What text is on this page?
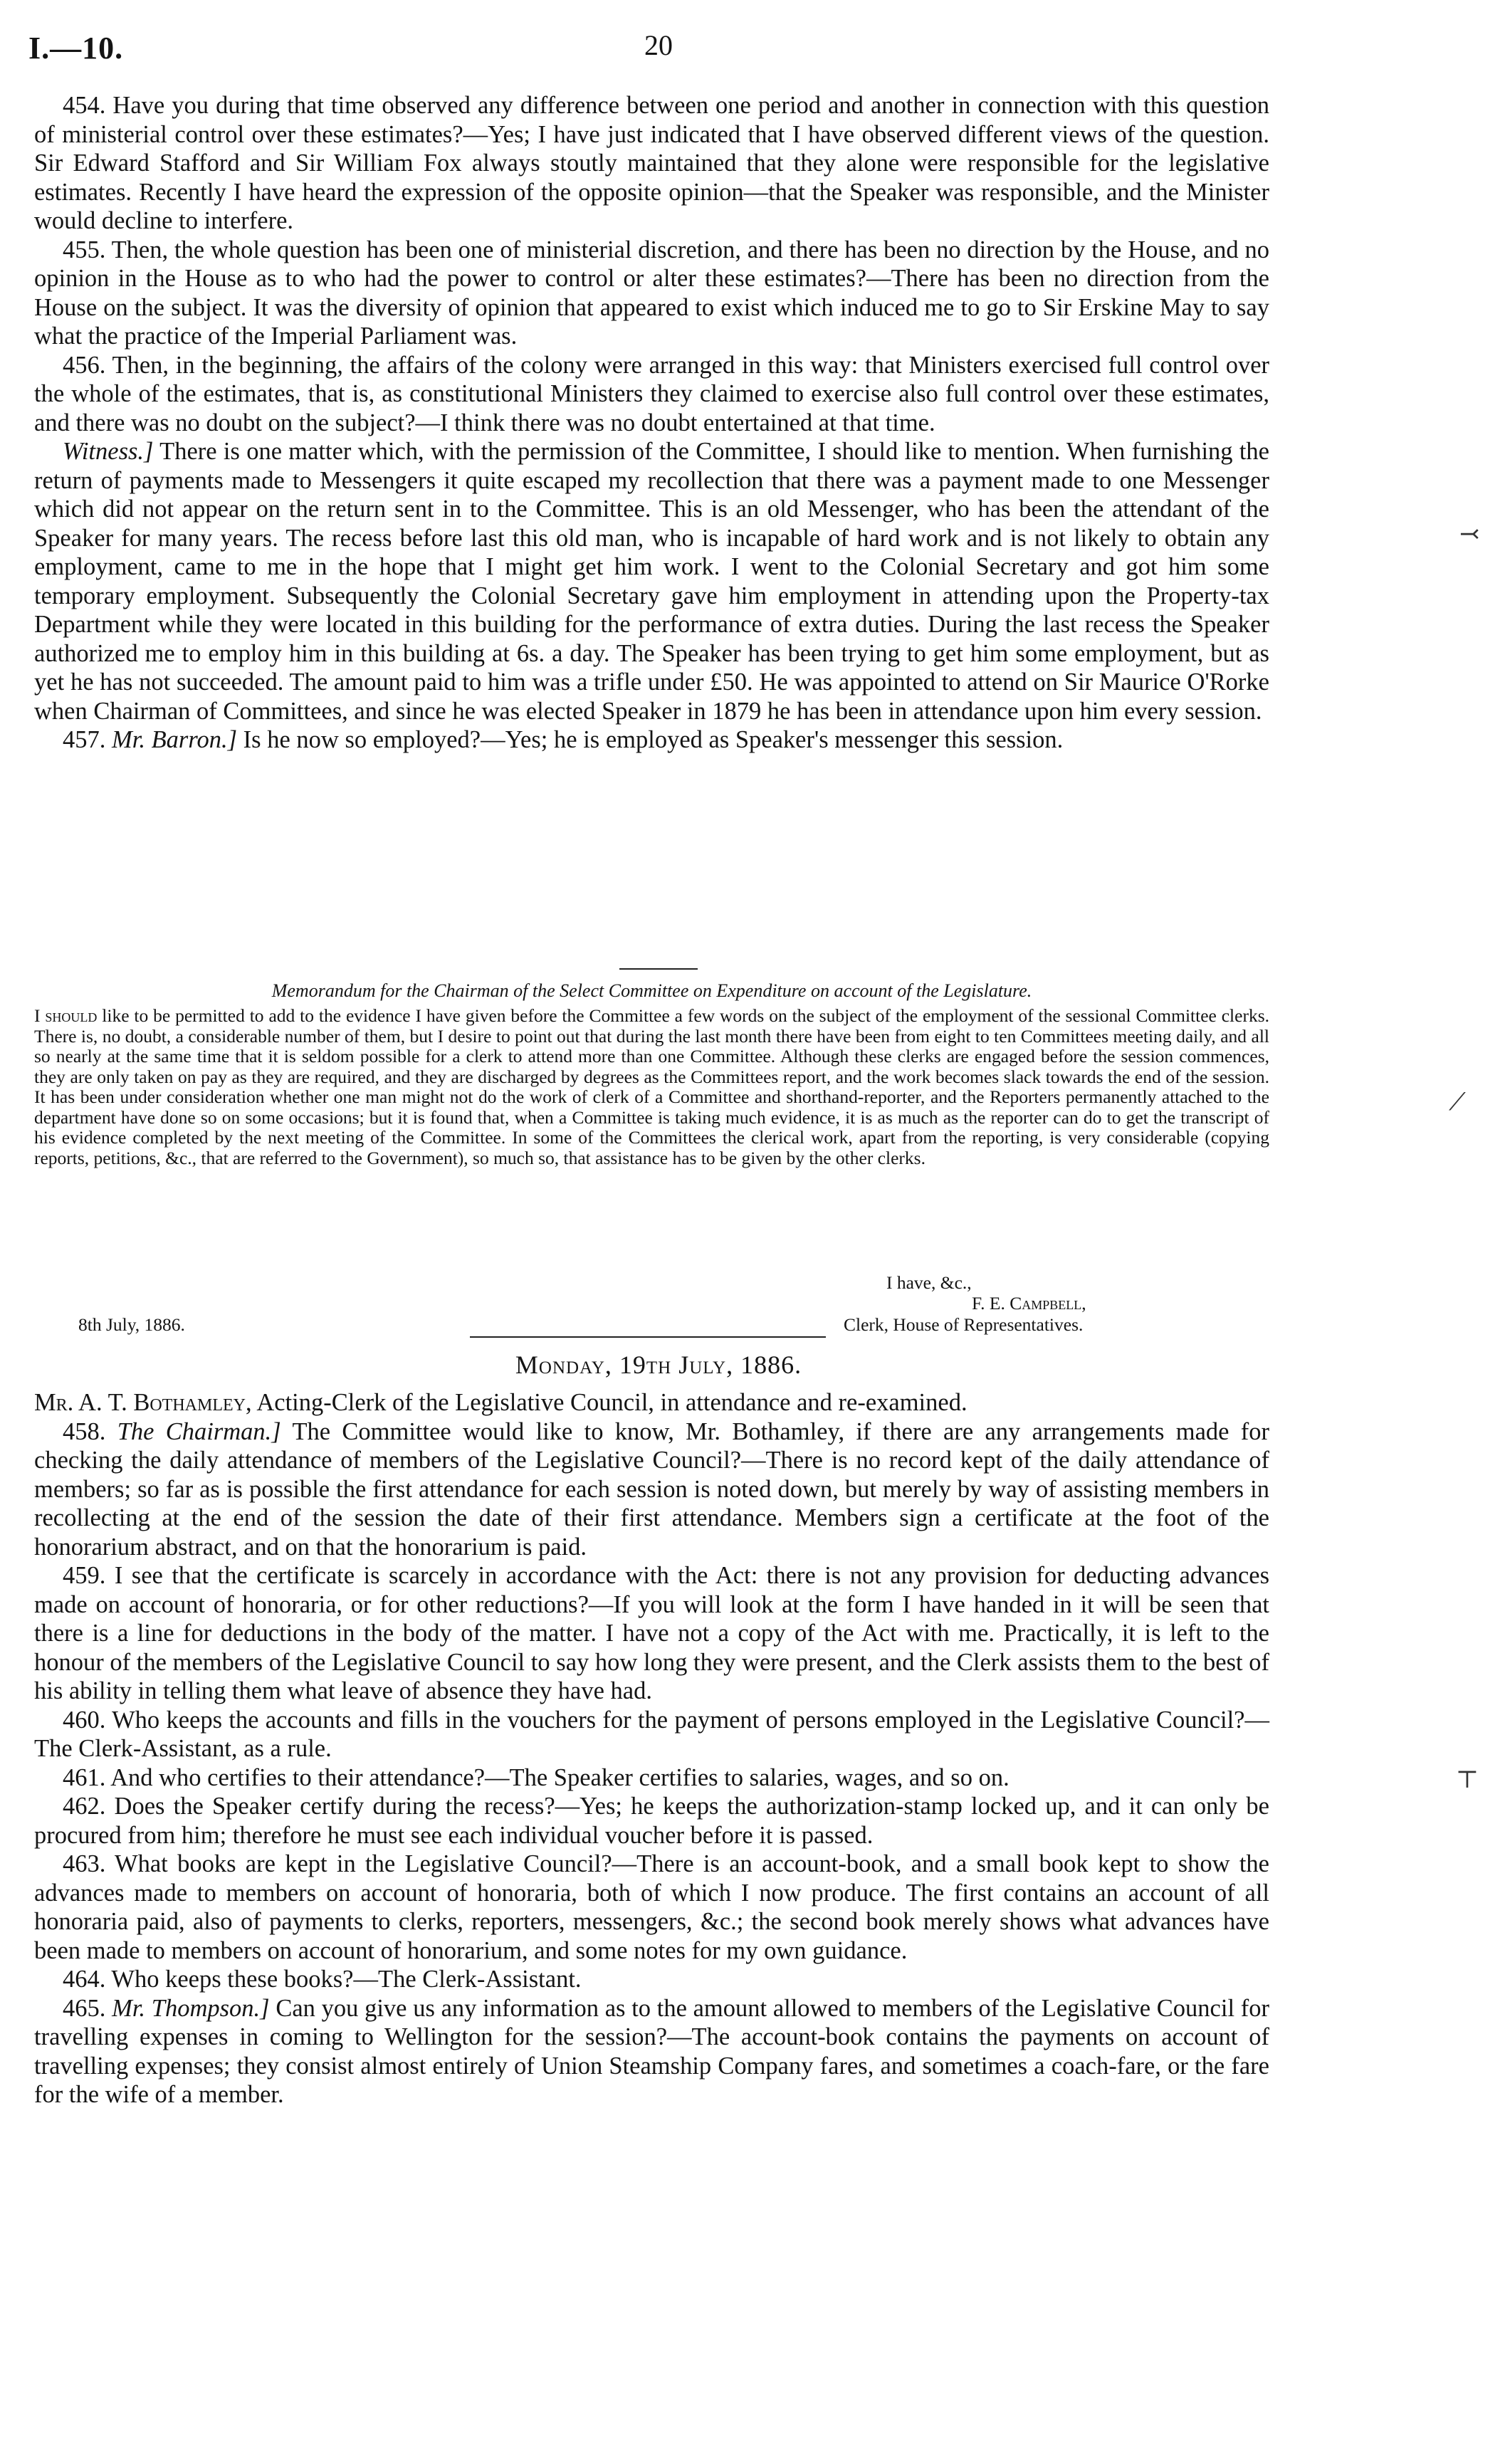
I.—10.	20

454. Have you during that time observed any difference between one period and another in connection with this question of ministerial control over these estimates?—Yes; I have just indicated that I have observed different views of the question. Sir Edward Stafford and Sir William Fox always stoutly maintained that they alone were responsible for the legislative estimates. Recently I have heard the expression of the opposite opinion—that the Speaker was responsible, and the Minister would decline to interfere.

455. Then, the whole question has been one of ministerial discretion, and there has been no direction by the House, and no opinion in the House as to who had the power to control or alter these estimates?—There has been no direction from the House on the subject. It was the diversity of opinion that appeared to exist which induced me to go to Sir Erskine May to say what the practice of the Imperial Parliament was.

456. Then, in the beginning, the affairs of the colony were arranged in this way: that Ministers exercised full control over the whole of the estimates, that is, as constitutional Ministers they claimed to exercise also full control over these estimates, and there was no doubt on the subject?—I think there was no doubt entertained at that time.

Witness.] There is one matter which, with the permission of the Committee, I should like to mention. When furnishing the return of payments made to Messengers it quite escaped my recollection that there was a payment made to one Messenger which did not appear on the return sent in to the Committee. This is an old Messenger, who has been the attendant of the Speaker for many years. The recess before last this old man, who is incapable of hard work and is not likely to obtain any employment, came to me in the hope that I might get him work. I went to the Colonial Secretary and got him some temporary employment. Subsequently the Colonial Secretary gave him employment in attending upon the Property-tax Department while they were located in this building for the performance of extra duties. During the last recess the Speaker authorized me to employ him in this building at 6s. a day. The Speaker has been trying to get him some employment, but as yet he has not succeeded. The amount paid to him was a trifle under £50. He was appointed to attend on Sir Maurice O'Rorke when Chairman of Committees, and since he was elected Speaker in 1879 he has been in attendance upon him every session.

457. Mr. Barron.] Is he now so employed?—Yes; he is employed as Speaker's messenger this session.

Memorandum for the Chairman of the Select Committee on Expenditure on account of the Legislature.

I should like to be permitted to add to the evidence I have given before the Committee a few words on the subject of the employment of the sessional Committee clerks. There is, no doubt, a considerable number of them, but I desire to point out that during the last month there have been from eight to ten Committees meeting daily, and all so nearly at the same time that it is seldom possible for a clerk to attend more than one Committee. Although these clerks are engaged before the session commences, they are only taken on pay as they are required, and they are discharged by degrees as the Committees report, and the work becomes slack towards the end of the session. It has been under consideration whether one man might not do the work of clerk of a Committee and shorthand-reporter, and the Reporters permanently attached to the department have done so on some occasions; but it is found that, when a Committee is taking much evidence, it is as much as the reporter can do to get the transcript of his evidence completed by the next meeting of the Committee. In some of the Committees the clerical work, apart from the reporting, is very considerable (copying reports, petitions, &c., that are referred to the Government), so much so, that assistance has to be given by the other clerks.

I have, &c.,
F. E. Campbell,
8th July, 1886.	Clerk, House of Representatives.
Monday, 19th July, 1886.

Mr. A. T. Bothamley, Acting-Clerk of the Legislative Council, in attendance and re-examined.

458. The Chairman.] The Committee would like to know, Mr. Bothamley, if there are any arrangements made for checking the daily attendance of members of the Legislative Council?—There is no record kept of the daily attendance of members; so far as is possible the first attendance for each session is noted down, but merely by way of assisting members in recollecting at the end of the session the date of their first attendance. Members sign a certificate at the foot of the honorarium abstract, and on that the honorarium is paid.

459. I see that the certificate is scarcely in accordance with the Act: there is not any provision for deducting advances made on account of honoraria, or for other reductions?—If you will look at the form I have handed in it will be seen that there is a line for deductions in the body of the matter. I have not a copy of the Act with me. Practically, it is left to the honour of the members of the Legislative Council to say how long they were present, and the Clerk assists them to the best of his ability in telling them what leave of absence they have had.

460. Who keeps the accounts and fills in the vouchers for the payment of persons employed in the Legislative Council?—The Clerk-Assistant, as a rule.

461. And who certifies to their attendance?—The Speaker certifies to salaries, wages, and so on.

462. Does the Speaker certify during the recess?—Yes; he keeps the authorization-stamp locked up, and it can only be procured from him; therefore he must see each individual voucher before it is passed.

463. What books are kept in the Legislative Council?—There is an account-book, and a small book kept to show the advances made to members on account of honoraria, both of which I now produce. The first contains an account of all honoraria paid, also of payments to clerks, reporters, messengers, &c.; the second book merely shows what advances have been made to members on account of honorarium, and some notes for my own guidance.

464. Who keeps these books?—The Clerk-Assistant.

465. Mr. Thompson.] Can you give us any information as to the amount allowed to members of the Legislative Council for travelling expenses in coming to Wellington for the session?—The account-book contains the payments on account of travelling expenses; they consist almost entirely of Union Steamship Company fares, and sometimes a coach-fare, or the fare for the wife of a member.

⤙
⟋
⊤
